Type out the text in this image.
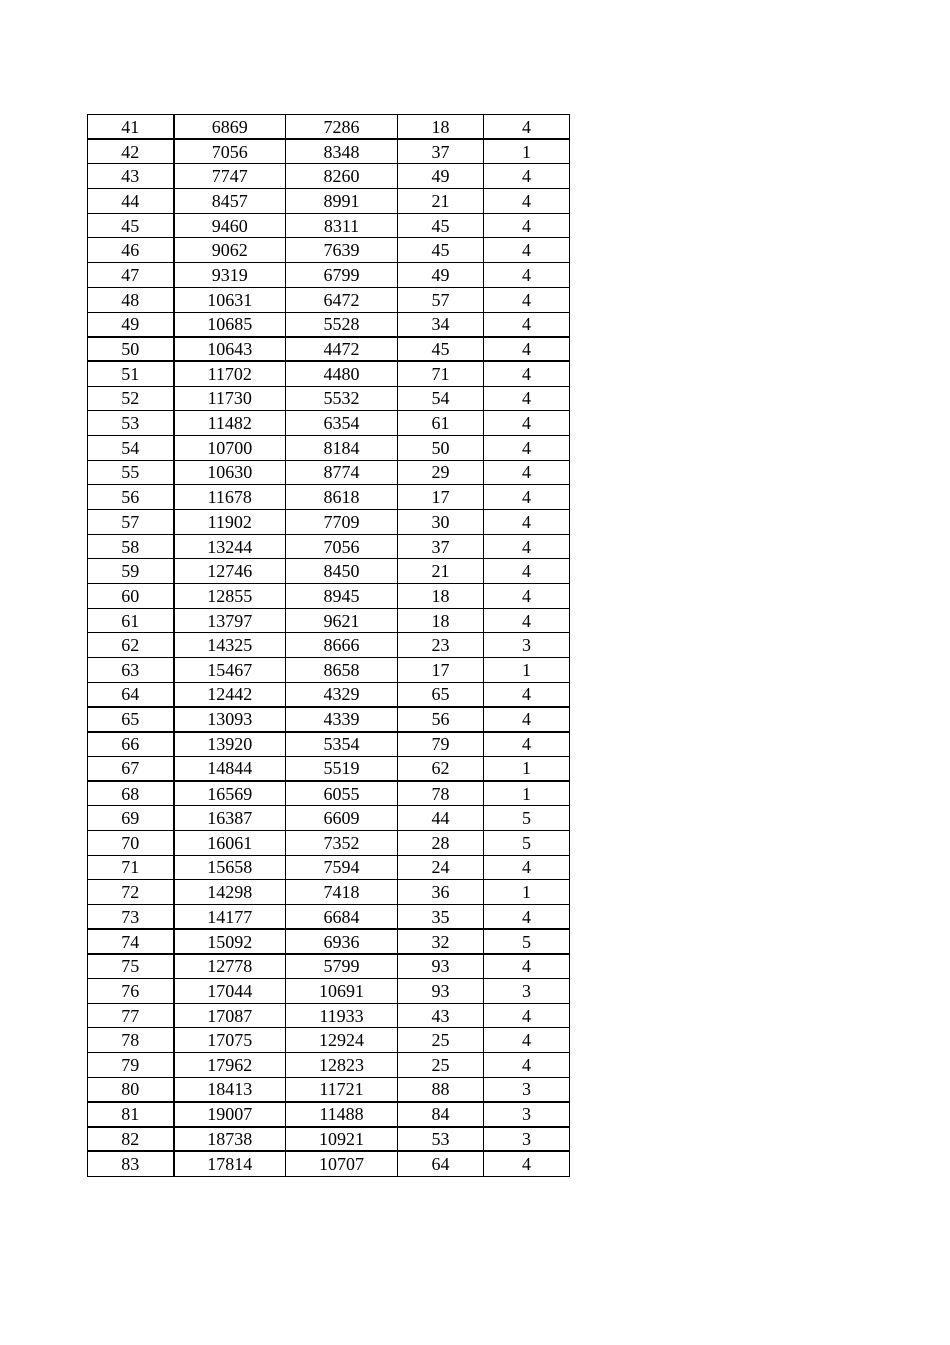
41	6869	7286	18	4
42	7056	8348	37	1
43	7747	8260	49	4
44	8457	8991	21	4
45	9460	8311	45	4
46	9062	7639	45	4
47	9319	6799	49	4
48	10631	6472	57	4
49	10685	5528	34	4
50	10643	4472	45	4
51	11702	4480	71	4
52	11730	5532	54	4
53	11482	6354	61	4
54	10700	8184	50	4
55	10630	8774	29	4
56	11678	8618	17	4
57	11902	7709	30	4
58	13244	7056	37	4
59	12746	8450	21	4
60	12855	8945	18	4
61	13797	9621	18	4
62	14325	8666	23	3
63	15467	8658	17	1
64	12442	4329	65	4
65	13093	4339	56	4
66	13920	5354	79	4
67	14844	5519	62	1
68	16569	6055	78	1
69	16387	6609	44	5
70	16061	7352	28	5
71	15658	7594	24	4
72	14298	7418	36	1
73	14177	6684	35	4
74	15092	6936	32	5
75	12778	5799	93	4
76	17044	10691	93	3
77	17087	11933	43	4
78	17075	12924	25	4
79	17962	12823	25	4
80	18413	11721	88	3
81	19007	11488	84	3
82	18738	10921	53	3
83	17814	10707	64	4
